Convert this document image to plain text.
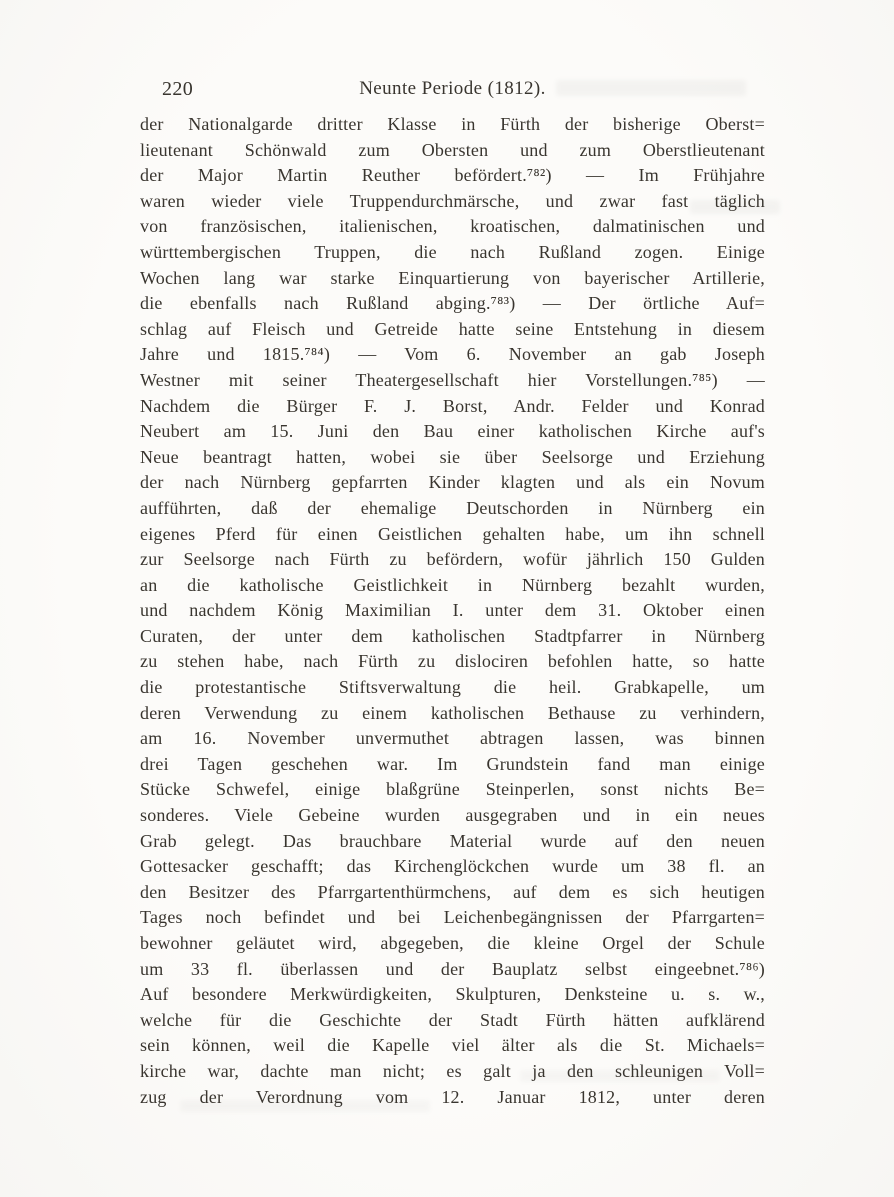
220	Neunte Periode (1812).
der Nationalgarde dritter Klasse in Fürth der bisherige Oberst=
lieutenant Schönwald zum Obersten und zum Oberstlieutenant
der Major Martin Reuther befördert.⁷⁸²) — Im Frühjahre
waren wieder viele Truppendurchmärsche, und zwar fast täglich
von französischen, italienischen, kroatischen, dalmatinischen und
württembergischen Truppen, die nach Rußland zogen. Einige
Wochen lang war starke Einquartierung von bayerischer Artillerie,
die ebenfalls nach Rußland abging.⁷⁸³) — Der örtliche Auf=
schlag auf Fleisch und Getreide hatte seine Entstehung in diesem
Jahre und 1815.⁷⁸⁴) — Vom 6. November an gab Joseph
Westner mit seiner Theatergesellschaft hier Vorstellungen.⁷⁸⁵) —
Nachdem die Bürger F. J. Borst, Andr. Felder und Konrad
Neubert am 15. Juni den Bau einer katholischen Kirche auf's
Neue beantragt hatten, wobei sie über Seelsorge und Erziehung
der nach Nürnberg gepfarrten Kinder klagten und als ein Novum
aufführten, daß der ehemalige Deutschorden in Nürnberg ein
eigenes Pferd für einen Geistlichen gehalten habe, um ihn schnell
zur Seelsorge nach Fürth zu befördern, wofür jährlich 150 Gulden
an die katholische Geistlichkeit in Nürnberg bezahlt wurden,
und nachdem König Maximilian I. unter dem 31. Oktober einen
Curaten, der unter dem katholischen Stadtpfarrer in Nürnberg
zu stehen habe, nach Fürth zu dislociren befohlen hatte, so hatte
die protestantische Stiftsverwaltung die heil. Grabkapelle, um
deren Verwendung zu einem katholischen Bethause zu verhindern,
am 16. November unvermuthet abtragen lassen, was binnen
drei Tagen geschehen war. Im Grundstein fand man einige
Stücke Schwefel, einige blaßgrüne Steinperlen, sonst nichts Be=
sonderes. Viele Gebeine wurden ausgegraben und in ein neues
Grab gelegt. Das brauchbare Material wurde auf den neuen
Gottesacker geschafft; das Kirchenglöckchen wurde um 38 fl. an
den Besitzer des Pfarrgartenthürmchens, auf dem es sich heutigen
Tages noch befindet und bei Leichenbegängnissen der Pfarrgarten=
bewohner geläutet wird, abgegeben, die kleine Orgel der Schule
um 33 fl. überlassen und der Bauplatz selbst eingeebnet.⁷⁸⁶)
Auf besondere Merkwürdigkeiten, Skulpturen, Denksteine u. s. w.,
welche für die Geschichte der Stadt Fürth hätten aufklärend
sein können, weil die Kapelle viel älter als die St. Michaels=
kirche war, dachte man nicht; es galt ja den schleunigen Voll=
zug der Verordnung vom 12. Januar 1812, unter deren
